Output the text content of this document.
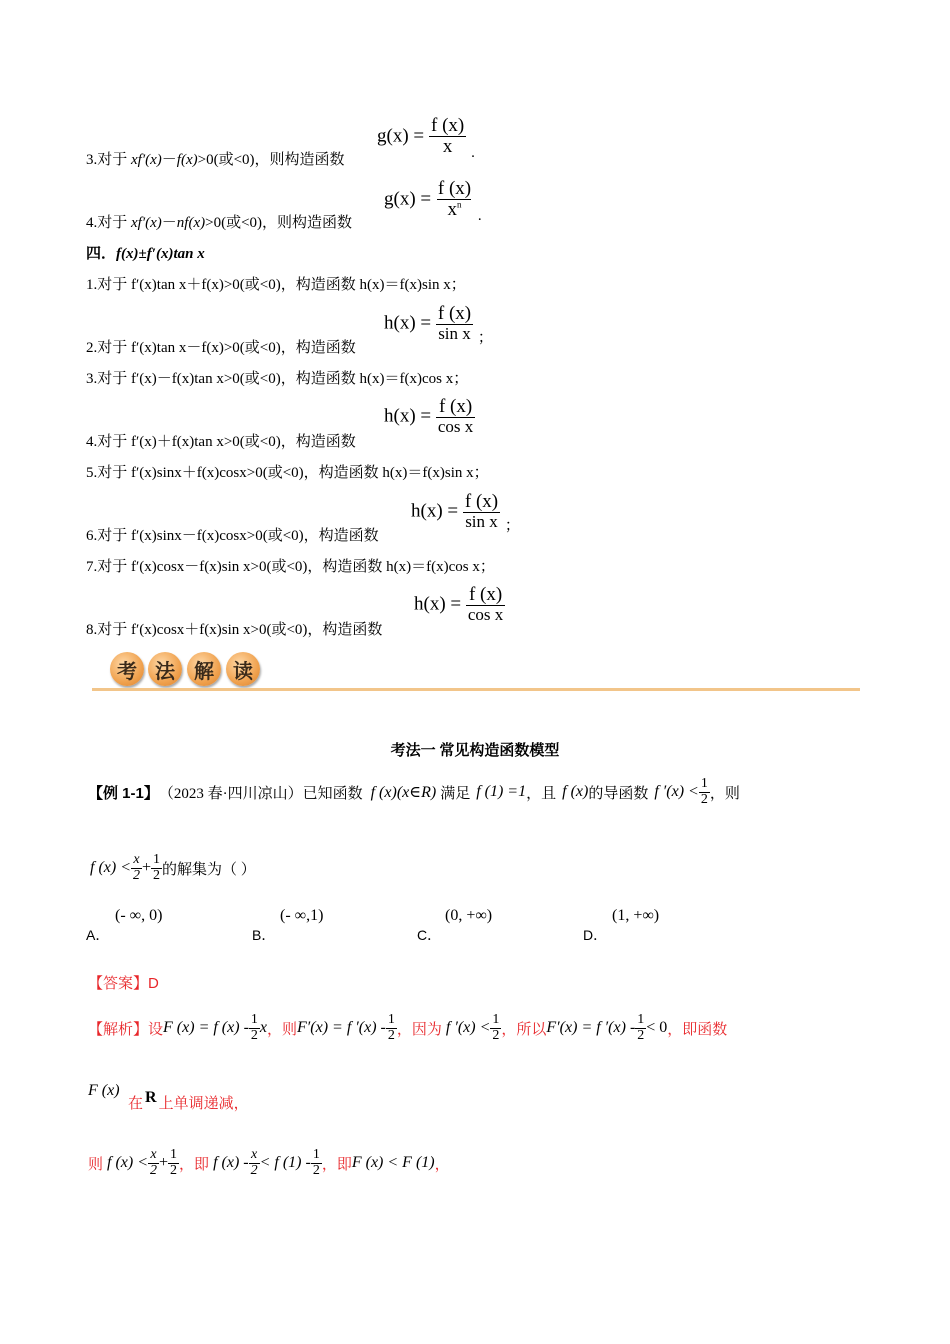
3.对于 xf′(x)－f(x)>0(或<0)，则构造函数
$g(x) = \frac{f (x)}{x} _.$
4.对于 xf′(x)－nf(x)>0(或<0)，则构造函数
$g(x) = \frac{f (x)}{x^n} _.$
四．f(x)±f′(x)tan x
1.对于 f′(x)tan x＋f(x)>0(或<0)，构造函数 h(x)＝f(x)sin x；
2.对于 f′(x)tan x－f(x)>0(或<0)，构造函数
$h(x) = \frac{f (x)}{\text{sin x}} _;$
3.对于 f′(x)－f(x)tan x>0(或<0)，构造函数 h(x)＝f(x)cos x；
4.对于 f′(x)＋f(x)tan x>0(或<0)，构造函数
$h(x) = \frac{f (x)}{\text{cos x}}$
5.对于 f′(x)sinx＋f(x)cosx>0(或<0)，构造函数 h(x)＝f(x)sin x；
6.对于 f′(x)sinx－f(x)cosx>0(或<0)，构造函数
$h(x) = \frac{f (x)}{\text{sin x}} _;$
7.对于 f′(x)cosx－f(x)sin x>0(或<0)，构造函数 h(x)＝f(x)cos x；
8.对于 f′(x)cosx＋f(x)sin x>0(或<0)，构造函数
$h(x) = \frac{f (x)}{\text{cos x}}$
考 法 解 读
考法一 常见构造函数模型
【例 1-1】 （2023 春·四川凉山）已知函数 f (x)(x∈R) 满足 f (1) =1 ，且 f (x) 的导函数 f $'(x) < \frac{1}{2}$ ，则
f $(x) < \frac{x}{2} + \frac{1}{2}$ 的解集为（ ）
A．
(- ∞, 0)
B．
(- ∞,1)
C．
(0, +∞)
D．
(1, +∞)
【答案】D
【解析】 设 F (x) = f $(x) - \frac{1}{2}$ x ，则 F′(x) = f $'(x) - \frac{1}{2}$ ，因为 f $'(x) < \frac{1}{2}$ ，所以 F′(x) = f $'(x) - \frac{1}{2} < 0$ ，即函数
F (x)
在 R 上单调递减，
则 f $(x) < \frac{x}{2} + \frac{1}{2}$ ，即 f $(x) - \frac{x}{2} < f$ $(1) - \frac{1}{2}$ ，即 F (x) < F (1) ，
